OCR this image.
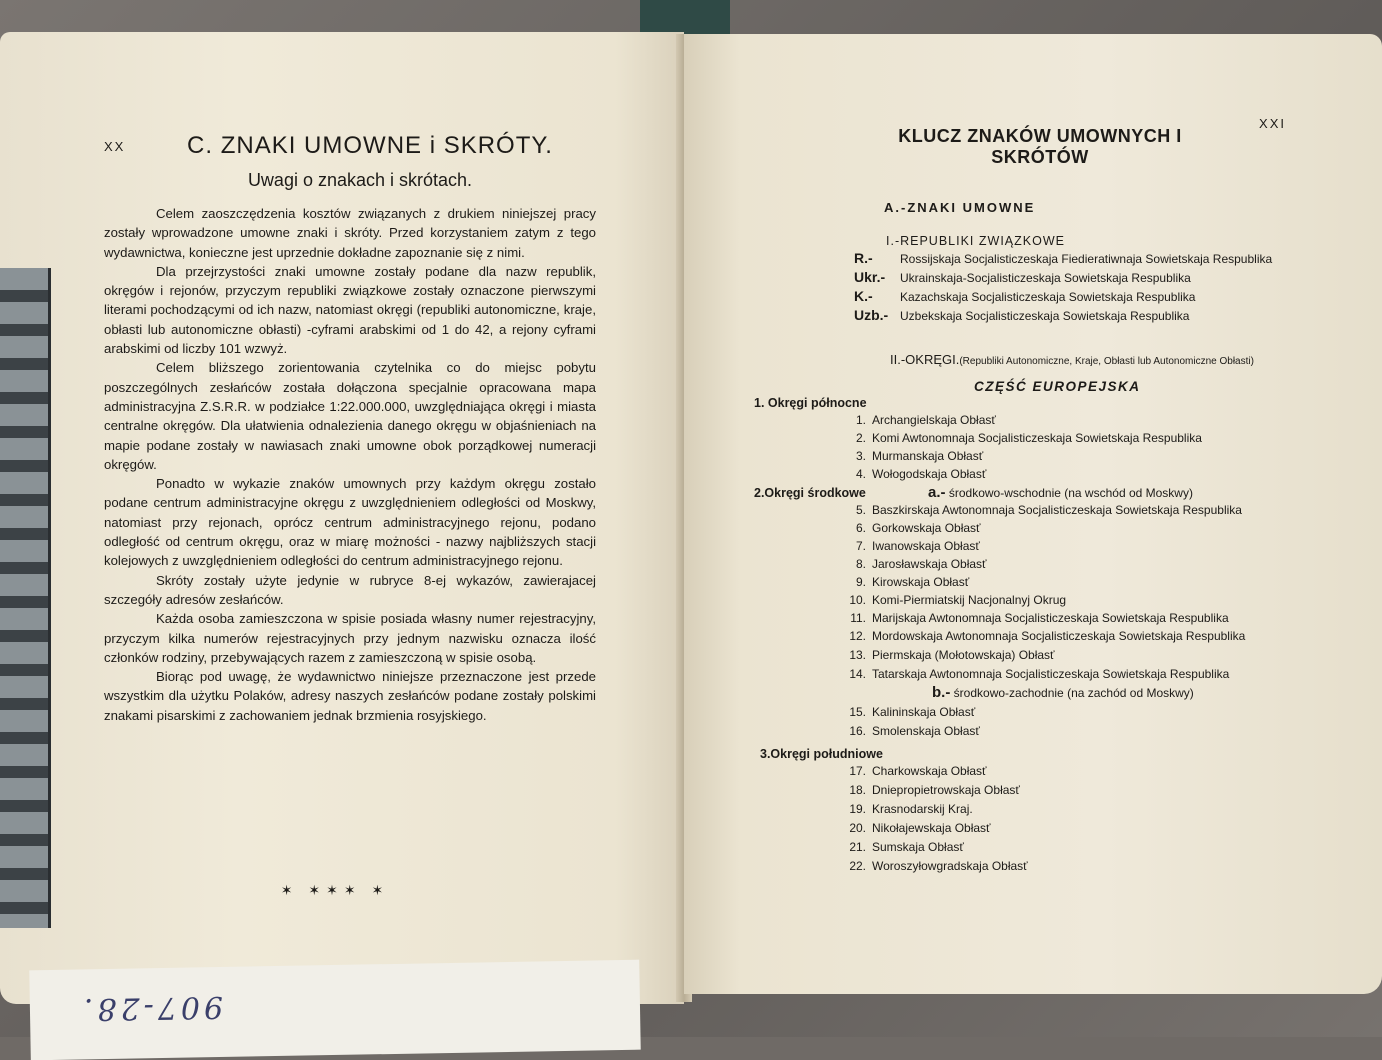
XX	C. ZNAKI UMOWNE i SKRÓTY.
Uwagi o znakach i skrótach.

Celem zaoszczędzenia kosztów związanych z drukiem niniejszej pracy zostały wprowadzone umowne znaki i skróty. Przed korzystaniem zatym z tego wydawnictwa, konieczne jest uprzednie dokładne zapoznanie się z nimi.

Dla przejrzystości znaki umowne zostały podane dla nazw republik, okręgów i rejonów, przyczym republiki związkowe zostały oznaczone pierwszymi literami pochodzącymi od ich nazw, natomiast okręgi (republiki autonomiczne, kraje, obłasti lub autonomiczne obłasti) -cyframi arabskimi od 1 do 42, a rejony cyframi arabskimi od liczby 101 wzwyż.

Celem bliższego zorientowania czytelnika co do miejsc pobytu poszczególnych zesłańców została dołączona specjalnie opracowana mapa administracyjna Z.S.R.R. w podziałce 1:22.000.000, uwzględniająca okręgi i miasta centralne okręgów. Dla ułatwienia odnalezienia danego okręgu w objaśnieniach na mapie podane zostały w nawiasach znaki umowne obok porządkowej numeracji okręgów.

Ponadto w wykazie znaków umownych przy każdym okręgu zostało podane centrum administracyjne okręgu z uwzględnieniem odległości od Moskwy, natomiast przy rejonach, oprócz centrum administracyjnego rejonu, podano odległość od centrum okręgu, oraz w miarę możności - nazwy najbliższych stacji kolejowych z uwzględnieniem odległości do centrum administracyjnego rejonu.

Skróty zostały użyte jedynie w rubryce 8-ej wykazów, zawierajacej szczegóły adresów zesłańców.

Każda osoba zamieszczona w spisie posiada własny numer rejestracyjny, przyczym kilka numerów rejestracyjnych przy jednym nazwisku oznacza ilość członków rodziny, przebywających razem z zamieszczoną w spisie osobą.

Biorąc pod uwagę, że wydawnictwo niniejsze przeznaczone jest przede wszystkim dla użytku Polaków, adresy naszych zesłańców podane zostały polskimi znakami pisarskimi z zachowaniem jednak brzmienia rosyjskiego.

✶ ✶✶✶ ✶
XXI
KLUCZ ZNAKÓW UMOWNYCH I SKRÓTÓW
A.-ZNAKI UMOWNE
I.-REPUBLIKI ZWIĄZKOWE
R.- Rossijskaja Socjalisticzeskaja Fiedieratiwnaja Sowietskaja Respublika
Ukr.- Ukrainskaja-Socjalisticzeskaja Sowietskaja Respublika
K.- Kazachskaja Socjalisticzeskaja Sowietskaja Respublika
Uzb.- Uzbekskaja Socjalisticzeskaja Sowietskaja Respublika
II.-OKRĘGI.(Republiki Autonomiczne, Kraje, Obłasti lub Autonomiczne Obłasti)
CZĘŚĆ EUROPEJSKA
1. Okręgi północne
2.Okręgi środkowe	a.- środkowo-wschodnie (na wschód od Moskwy)
b.- środkowo-zachodnie (na zachód od Moskwy)
3.Okręgi południowe
1. Archangielskaja Obłasť
2. Komi Awtonomnaja Socjalisticzeskaja Sowietskaja Respublika
3. Murmanskaja Obłasť
4. Wołogodskaja Obłasť
5. Baszkirskaja Awtonomnaja Socjalisticzeskaja Sowietskaja Respublika
6. Gorkowskaja Obłasť
7. Iwanowskaja Obłasť
8. Jarosławskaja Obłasť
9. Kirowskaja Obłasť
10. Komi-Piermiatskij Nacjonalnyj Okrug
11. Marijskaja Awtonomnaja Socjalisticzeskaja Sowietskaja Respublika
12. Mordowskaja Awtonomnaja Socjalisticzeskaja Sowietskaja Respublika
13. Piermskaja (Mołotowskaja) Obłasť
14. Tatarskaja Awtonomnaja Socjalisticzeskaja Sowietskaja Respublika
15. Kalininskaja Obłasť
16. Smolenskaja Obłasť
17. Charkowskaja Obłasť
18. Dniepropietrowskaja Obłasť
19. Krasnodarskij Kraj.
20. Nikołajewskaja Obłasť
21. Sumskaja Obłasť
22. Woroszyłowgradskaja Obłasť
907-28.
